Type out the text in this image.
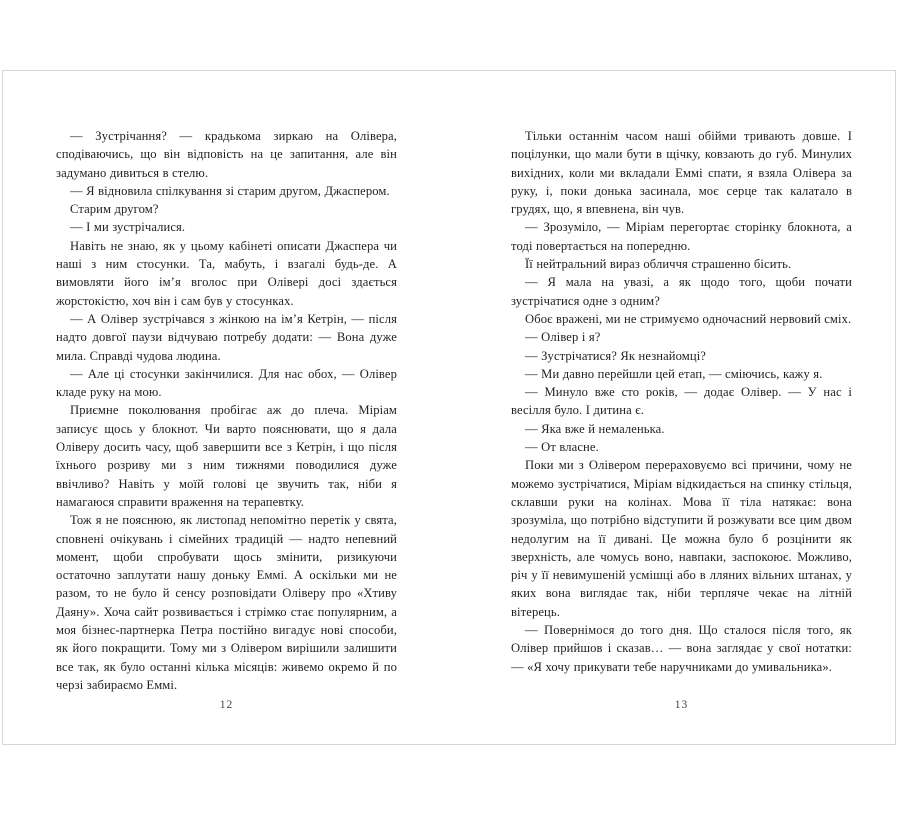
— Зустрічання? — крадькома зиркаю на Олівера, сподіваючись, що він відповість на це запитання, але він задумано дивиться в стелю.

— Я відновила спілкування зі старим другом, Джаспером.

Старим другом?

— І ми зустрічалися.

Навіть не знаю, як у цьому кабінеті описати Джаспера чи наші з ним стосунки. Та, мабуть, і взагалі будь-де. А вимовляти його ім’я вголос при Олівері досі здається жорстокістю, хоч він і сам був у стосунках.

— А Олівер зустрічався з жінкою на ім’я Кетрін, — після надто довгої паузи відчуваю потребу додати: — Вона дуже мила. Справді чудова людина.

— Але ці стосунки закінчилися. Для нас обох, — Олівер кладе руку на мою.

Приємне поколювання пробігає аж до плеча. Міріам записує щось у блокнот. Чи варто пояснювати, що я дала Оліверу досить часу, щоб завершити все з Кетрін, і що після їхнього розриву ми з ним тижнями поводилися дуже ввічливо? Навіть у моїй голові це звучить так, ніби я намагаюся справити враження на терапевтку.

Тож я не пояснюю, як листопад непомітно перетік у свята, сповнені очікувань і сімейних традицій — надто непевний момент, щоби спробувати щось змінити, ризикуючи остаточно заплутати нашу доньку Еммі. А оскільки ми не разом, то не було й сенсу розповідати Оліверу про «Хтиву Даяну». Хоча сайт розвивається і стрімко стає популярним, а моя бізнес-партнерка Петра постійно вигадує нові способи, як його покращити. Тому ми з Олівером вирішили залишити все так, як було останні кілька місяців: живемо окремо й по черзі забираємо Еммі.

12

Тільки останнім часом наші обійми тривають довше. І поцілунки, що мали бути в щічку, ковзають до губ. Минулих вихідних, коли ми вкладали Еммі спати, я взяла Олівера за руку, і, поки донька засинала, моє серце так калатало в грудях, що, я впевнена, він чув.

— Зрозуміло, — Міріам перегортає сторінку блокнота, а тоді повертається на попередню.

Її нейтральний вираз обличчя страшенно бісить.

— Я мала на увазі, а як щодо того, щоби почати зустрічатися одне з одним?

Обоє вражені, ми не стримуємо одночасний нервовий сміх.

— Олівер і я?

— Зустрічатися? Як незнайомці?

— Ми давно перейшли цей етап, — сміючись, кажу я.

— Минуло вже сто років, — додає Олівер. — У нас і весілля було. І дитина є.

— Яка вже й немаленька.

— От власне.

Поки ми з Олівером перераховуємо всі причини, чому не можемо зустрічатися, Міріам відкидається на спинку стільця, склавши руки на колінах. Мова її тіла натякає: вона зрозуміла, що потрібно відступити й розжувати все цим двом недолугим на її дивані. Це можна було б розцінити як зверхність, але чомусь воно, навпаки, заспокоює. Можливо, річ у її невимушеній усмішці або в лляних вільних штанах, у яких вона виглядає так, ніби терпляче чекає на літній вітерець.

— Повернімося до того дня. Що сталося після того, як Олівер прийшов і сказав… — вона заглядає у свої нотатки: — «Я хочу прикувати тебе наручниками до умивальника».

13
